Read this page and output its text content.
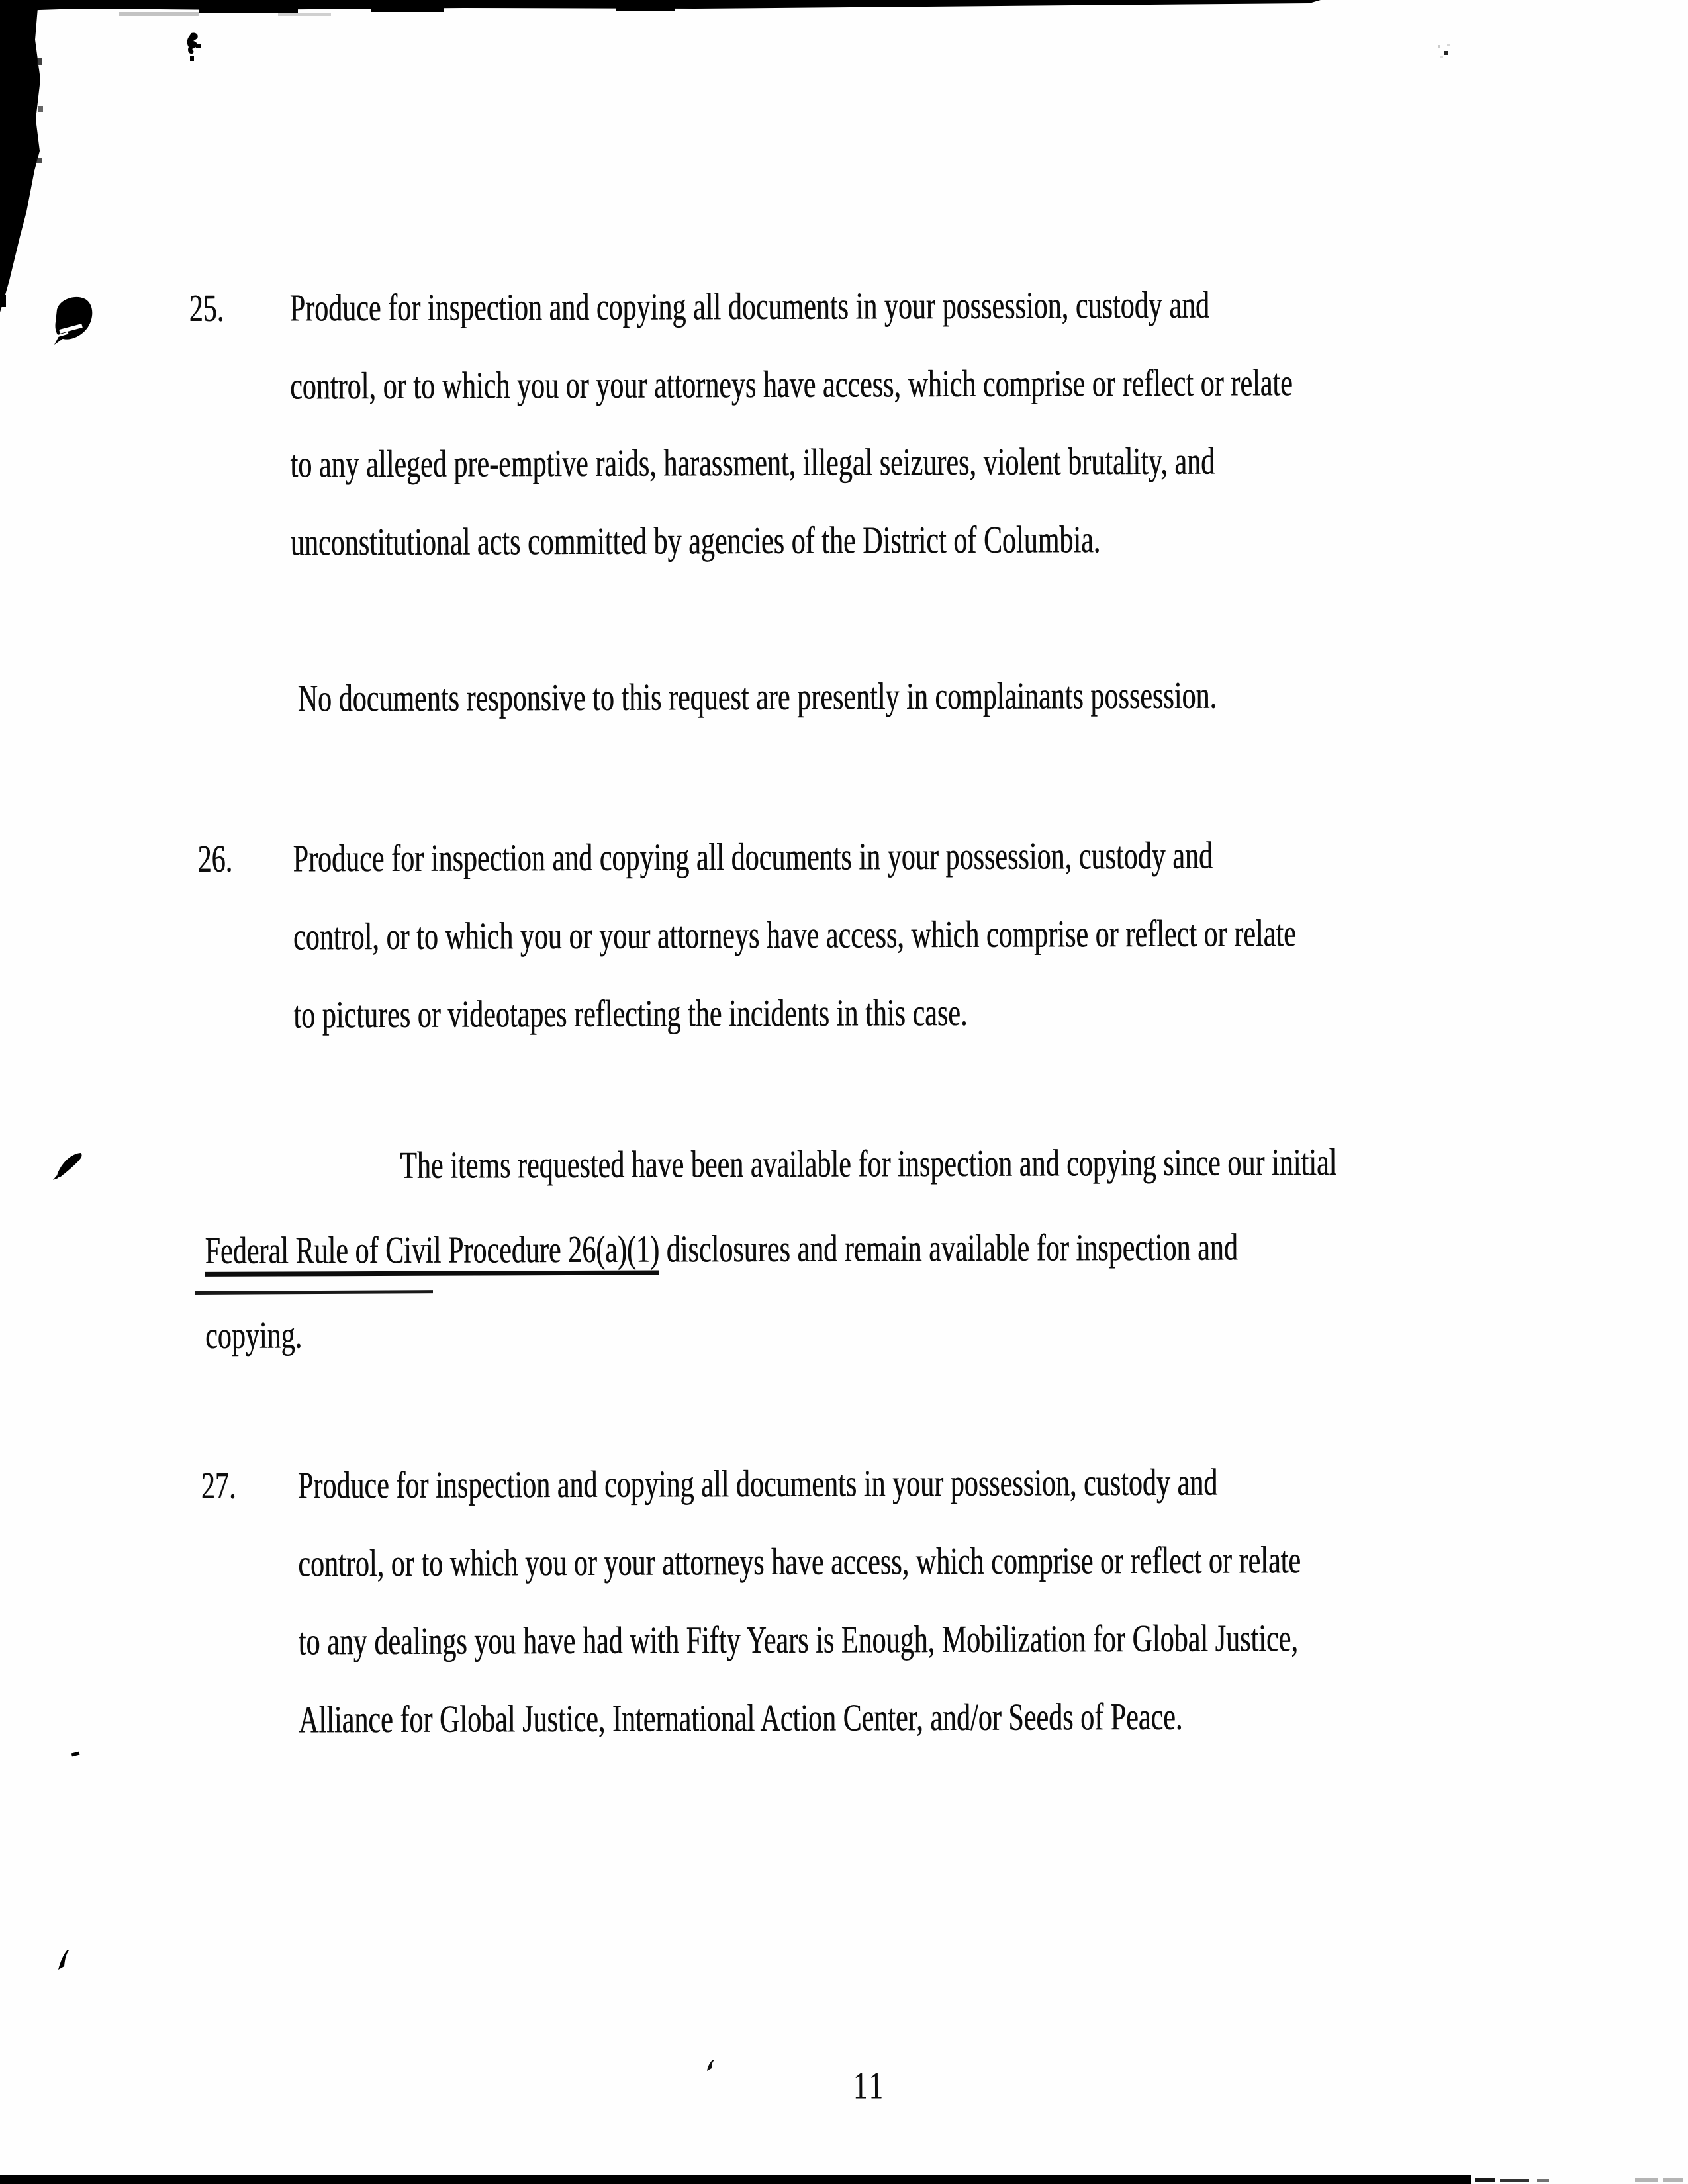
11
25. Produce for inspection and copying all documents in your possession, custody and
control, or to which you or your attorneys have access, which comprise or reflect or relate
to any alleged pre-emptive raids, harassment, illegal seizures, violent brutality, and
unconstitutional acts committed by agencies of the District of Columbia.
No documents responsive to this request are presently in complainants possession.
26. Produce for inspection and copying all documents in your possession, custody and
control, or to which you or your attorneys have access, which comprise or reflect or relate
to pictures or videotapes reflecting the incidents in this case.
The items requested have been available for inspection and copying since our initial
Federal Rule of Civil Procedure 26(a)(1) disclosures and remain available for inspection and
copying.
27. Produce for inspection and copying all documents in your possession, custody and
control, or to which you or your attorneys have access, which comprise or reflect or relate
to any dealings you have had with Fifty Years is Enough, Mobilization for Global Justice,
Alliance for Global Justice, International Action Center, and/or Seeds of Peace.
